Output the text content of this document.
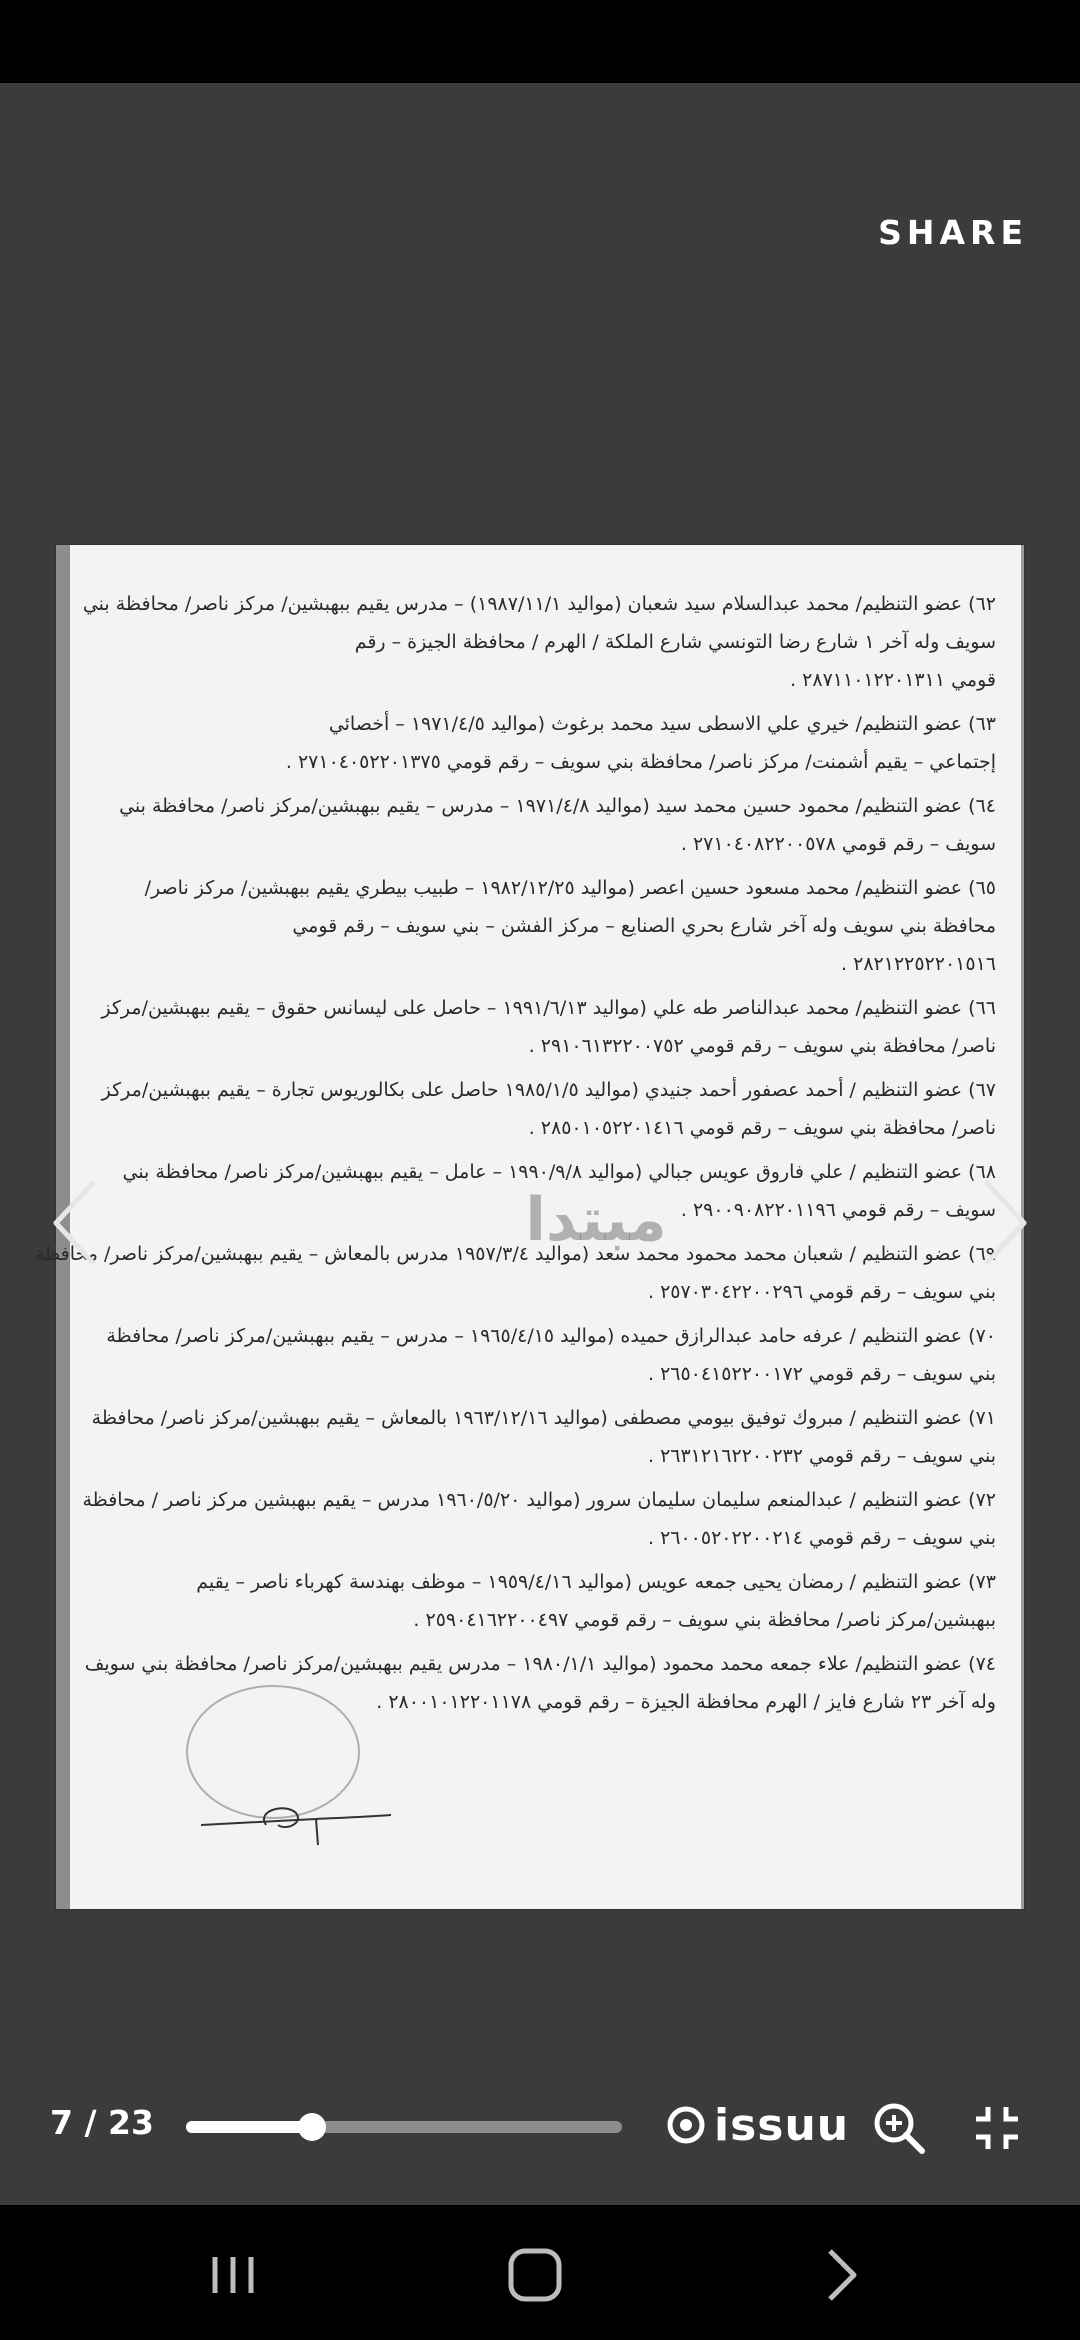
SHARE
٦٢) عضو التنظيم/ محمد عبدالسلام سيد شعبان (مواليد ١٩٨٧/١١/١) – مدرس يقيم ببهبشين/ مركز ناصر/ محافظة بني
سويف وله آخر ١ شارع رضا التونسي شارع الملكة / الهرم / محافظة الجيزة – رقم
قومي ٢٨٧١١٠١٢٢٠١٣١١ .
٦٣) عضو التنظيم/ خيري علي الاسطى سيد محمد برغوث (مواليد ١٩٧١/٤/٥ – أخصائي
إجتماعي – يقيم أشمنت/ مركز ناصر/ محافظة بني سويف – رقم قومي ٢٧١٠٤٠٥٢٢٠١٣٧٥ .
٦٤) عضو التنظيم/ محمود حسين محمد سيد (مواليد ١٩٧١/٤/٨ – مدرس – يقيم ببهبشين/مركز ناصر/ محافظة بني
سويف – رقم قومي ٢٧١٠٤٠٨٢٢٠٠٥٧٨ .
٦٥) عضو التنظيم/ محمد مسعود حسين اعصر (مواليد ١٩٨٢/١٢/٢٥ – طبيب بيطري يقيم ببهبشين/ مركز ناصر/
محافظة بني سويف وله آخر شارع بحري الصنايع – مركز الفشن – بني سويف – رقم قومي
٢٨٢١٢٢٥٢٢٠١٥١٦ .
٦٦) عضو التنظيم/ محمد عبدالناصر طه علي (مواليد ١٩٩١/٦/١٣ – حاصل على ليسانس حقوق – يقيم ببهبشين/مركز
ناصر/ محافظة بني سويف – رقم قومي ٢٩١٠٦١٣٢٢٠٠٧٥٢ .
٦٧) عضو التنظيم / أحمد عصفور أحمد جنيدي (مواليد ١٩٨٥/١/٥ حاصل على بكالوريوس تجارة – يقيم ببهبشين/مركز
ناصر/ محافظة بني سويف – رقم قومي ٢٨٥٠١٠٥٢٢٠١٤١٦ .
٦٨) عضو التنظيم / علي فاروق عويس جبالي (مواليد ١٩٩٠/٩/٨ – عامل – يقيم ببهبشين/مركز ناصر/ محافظة بني
سويف – رقم قومي ٢٩٠٠٩٠٨٢٢٠١١٩٦ .
٦٩) عضو التنظيم / شعبان محمد محمود محمد سعد (مواليد ١٩٥٧/٣/٤ مدرس بالمعاش – يقيم ببهبشين/مركز ناصر/ محافظة
بني سويف – رقم قومي ٢٥٧٠٣٠٤٢٢٠٠٢٩٦ .
٧٠) عضو التنظيم / عرفه حامد عبدالرازق حميده (مواليد ١٩٦٥/٤/١٥ – مدرس – يقيم ببهبشين/مركز ناصر/ محافظة
بني سويف – رقم قومي ٢٦٥٠٤١٥٢٢٠٠١٧٢ .
٧١) عضو التنظيم / مبروك توفيق بيومي مصطفى (مواليد ١٩٦٣/١٢/١٦ بالمعاش – يقيم ببهبشين/مركز ناصر/ محافظة
بني سويف – رقم قومي ٢٦٣١٢١٦٢٢٠٠٢٣٢ .
٧٢) عضو التنظيم / عبدالمنعم سليمان سليمان سرور (مواليد ١٩٦٠/٥/٢٠ مدرس – يقيم ببهبشين مركز ناصر / محافظة
بني سويف – رقم قومي ٢٦٠٠٥٢٠٢٢٠٠٢١٤ .
٧٣) عضو التنظيم / رمضان يحيى جمعه عويس (مواليد ١٩٥٩/٤/١٦ – موظف بهندسة كهرباء ناصر – يقيم
ببهبشين/مركز ناصر/ محافظة بني سويف – رقم قومي ٢٥٩٠٤١٦٢٢٠٠٤٩٧ .
٧٤) عضو التنظيم/ علاء جمعه محمد محمود (مواليد ١٩٨٠/١/١ – مدرس يقيم ببهبشين/مركز ناصر/ محافظة بني سويف
وله آخر ٢٣ شارع فايز / الهرم محافظة الجيزة – رقم قومي ٢٨٠٠١٠١٢٢٠١١٧٨ .
مبتدا
7 / 23	issuu
